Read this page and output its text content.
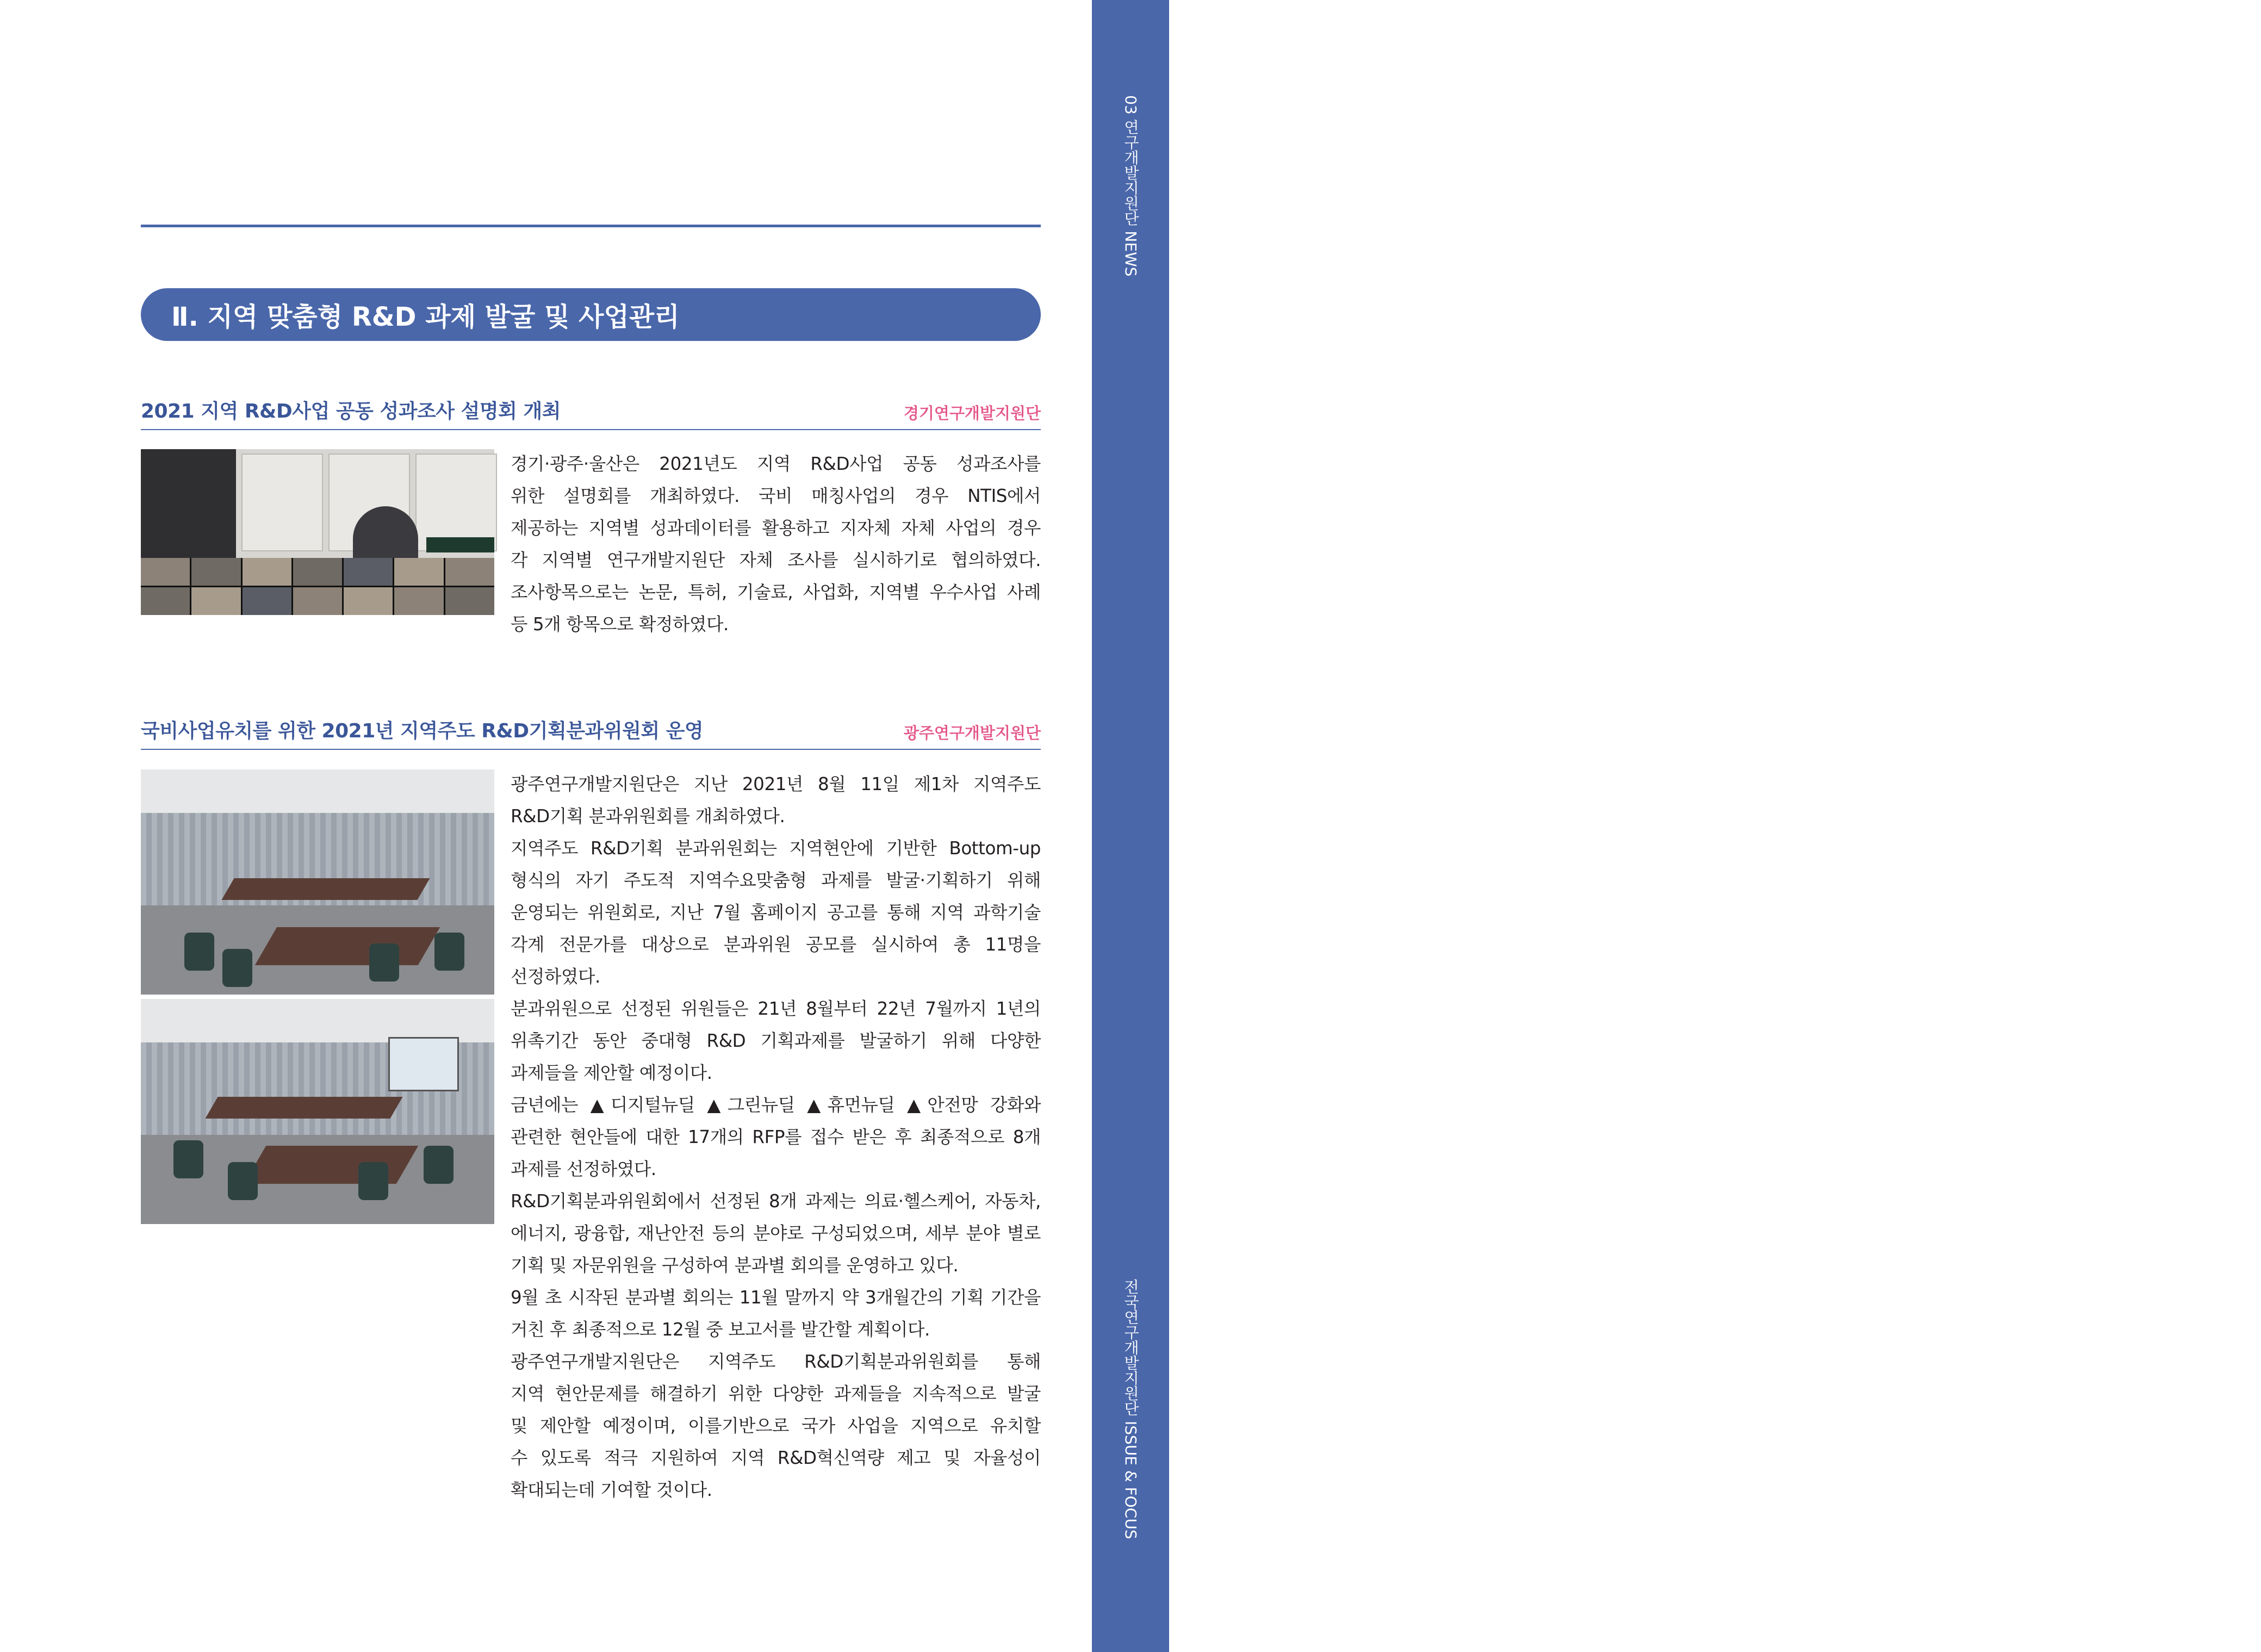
03 연구개발지원단 NEWS
25
전국연구개발지원단 ISSUE & FOCUS
Ⅱ. 지역 맞춤형 R&D 과제 발굴 및 사업관리
2021 지역 R&D사업 공동 성과조사 설명회 개최	경기연구개발지원단

경기·광주·울산은 2021년도 지역 R&D사업 공동 성과조사를

위한 설명회를 개최하였다. 국비 매칭사업의 경우 NTIS에서

제공하는 지역별 성과데이터를 활용하고 지자체 자체 사업의 경우

각 지역별 연구개발지원단 자체 조사를 실시하기로 협의하였다.

조사항목으로는 논문, 특허, 기술료, 사업화, 지역별 우수사업 사례

등 5개 항목으로 확정하였다.

국비사업유치를 위한 2021년 지역주도 R&D기획분과위원회 운영	광주연구개발지원단

광주연구개발지원단은 지난 2021년 8월 11일 제1차 지역주도

R&D기획 분과위원회를 개최하였다.

지역주도 R&D기획 분과위원회는 지역현안에 기반한 Bottom-up

형식의 자기 주도적 지역수요맞춤형 과제를 발굴·기획하기 위해

운영되는 위원회로, 지난 7월 홈페이지 공고를 통해 지역 과학기술

각계 전문가를 대상으로 분과위원 공모를 실시하여 총 11명을

선정하였다.

분과위원으로 선정된 위원들은 21년 8월부터 22년 7월까지 1년의

위촉기간 동안 중대형 R&D 기획과제를 발굴하기 위해 다양한

과제들을 제안할 예정이다.

금년에는 ▲디지털뉴딜 ▲그린뉴딜 ▲휴먼뉴딜 ▲안전망 강화와

관련한 현안들에 대한 17개의 RFP를 접수 받은 후 최종적으로 8개

과제를 선정하였다.

R&D기획분과위원회에서 선정된 8개 과제는 의료·헬스케어, 자동차,

에너지, 광융합, 재난안전 등의 분야로 구성되었으며, 세부 분야 별로

기획 및 자문위원을 구성하여 분과별 회의를 운영하고 있다.

9월 초 시작된 분과별 회의는 11월 말까지 약 3개월간의 기획 기간을

거친 후 최종적으로 12월 중 보고서를 발간할 계획이다.

광주연구개발지원단은 지역주도 R&D기획분과위원회를 통해

지역 현안문제를 해결하기 위한 다양한 과제들을 지속적으로 발굴

및 제안할 예정이며, 이를기반으로 국가 사업을 지역으로 유치할

수 있도록 적극 지원하여 지역 R&D혁신역량 제고 및 자율성이

확대되는데 기여할 것이다.
